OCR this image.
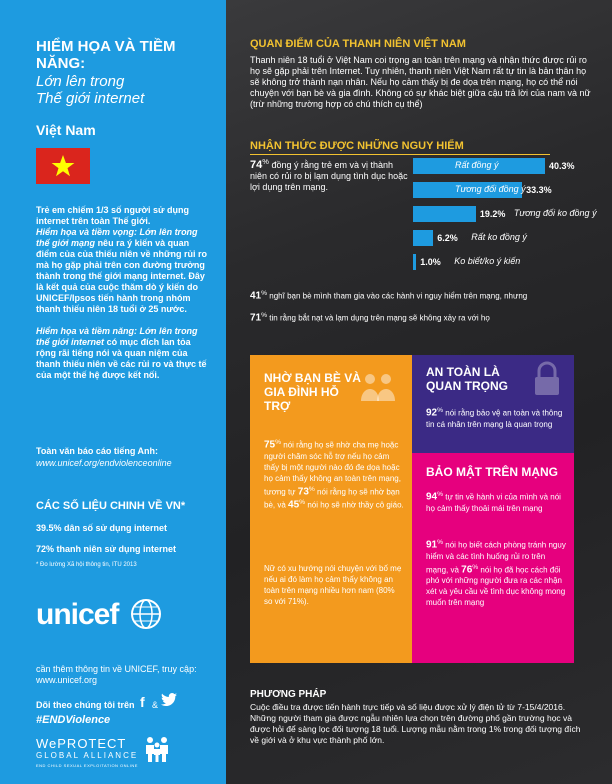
HIỂM HỌA VÀ TIỀM NĂNG:
Lớn lên trong
Thế giới internet
Việt Nam
Trẻ em chiếm 1/3 số người sử dụng internet trên toàn Thế giới.
Hiểm họa và tiềm vọng: Lớn lên trong thế giới mạng nêu ra ý kiến và quan điểm của của thiếu niên về những rủi ro mà họ gặp phải trên con đường trưởng thành trong thế giới mạng internet. Đây là kết quả của cuộc thăm dò ý kiến do UNICEF/Ipsos tiến hành trong nhóm thanh thiếu niên 18 tuổi ở 25 nước.

Hiểm họa và tiềm năng: Lớn lên trong thế giới internet có mục đích lan tỏa rộng rãi tiếng nói và quan niệm của thanh thiếu niên về các rủi ro và thực tế của một thế hệ được kết nối.
Toàn văn báo cáo tiếng Anh:
www.unicef.org/endviolenceonline
CÁC SỐ LIỆU CHINH VỀ VN*
39.5% dân số sử dụng internet
72% thanh niên sử dụng internet
* Đo lường Xã hội thông tin, ITU 2013
unicef
cần thêm thông tin về UNICEF, truy cập: www.unicef.org
Dõi theo chúng tôi trên f &
#ENDViolence
WePROTECT
GLOBAL ALLIANCE
END CHILD SEXUAL EXPLOITATION ONLINE
QUAN ĐIỂM CỦA THANH NIÊN VIỆT NAM
Thanh niên 18 tuổi ở Việt Nam coi trọng an toàn trên mạng và nhận thức được rủi ro họ sẽ gặp phải trên Internet. Tuy nhiên, thanh niên Việt Nam rất tự tin là bản thân họ sẽ không trở thành nạn nhân. Nếu họ cảm thấy bị đe dọa trên mạng, họ có thể nói chuyện với bạn bè và gia đình. Không có sự khác biệt giữa cậu trả lời của nam và nữ (trừ những trường hợp có chú thích cụ thể)
NHẬN THỨC ĐƯỢC NHỮNG NGUY HIỂM
74% đồng ý rằng trẻ em và vị thành niên có rủi ro bị lạm dụng tình dục hoặc lợi dụng trên mạng.
Rất đồng ý	40.3%
Tương đối đồng ý 33.3%
Tương đối ko đồng ý
19.2%
Rất ko đồng ý
6.2%
Ko biết/ko ý kiến
1.0%
41% nghĩ bạn bè mình tham gia vào các hành vi nguy hiểm trên mạng, nhưng
71% tin rằng bắt nạt và lạm dụng trên mạng sẽ không xảy ra với họ
NHỜ BẠN BÈ VÀ GIA ĐÌNH HỖ TRỢ
75% nói rằng họ sẽ nhờ cha mẹ hoặc người chăm sóc hỗ trợ nếu họ cảm thấy bị một người nào đó đe dọa hoặc họ cảm thấy không an toàn trên mạng, tương tự 73% nói rằng họ sẽ nhờ bạn bè, và 45% nói họ sẽ nhờ thầy cô giáo.
Nữ có xu hướng nói chuyện với bố mẹ nếu ai đó làm họ cảm thấy không an toàn trên mạng nhiều hơn nam (80% so với 71%).
AN TOÀN LÀ QUAN TRỌNG
92% nói rằng bảo vệ an toàn và thông tin cá nhân trên mạng là quan trọng
BẢO MẬT TRÊN MẠNG
94% tự tin về hành vi của mình và nói họ cảm thấy thoải mái trên mạng
91% nói họ biết cách phòng tránh nguy hiểm và các tình huống rủi ro trên mạng, và 76% nói họ đã học cách đối phó với những người đưa ra các nhận xét và yêu cầu về tình dục không mong muốn trên mạng
PHƯƠNG PHÁP
Cuộc điều tra được tiến hành trực tiếp và số liệu được xử lý điện tử từ 7-15/4/2016. Những người tham gia được ngẫu nhiên lựa chọn trên đường phố gần trường học và được hỏi để sàng lọc đối tượng 18 tuổi. Lượng mẫu nằm trong 1% trong đối tượng đích về giới và ở khu vực thành phố lớn.
